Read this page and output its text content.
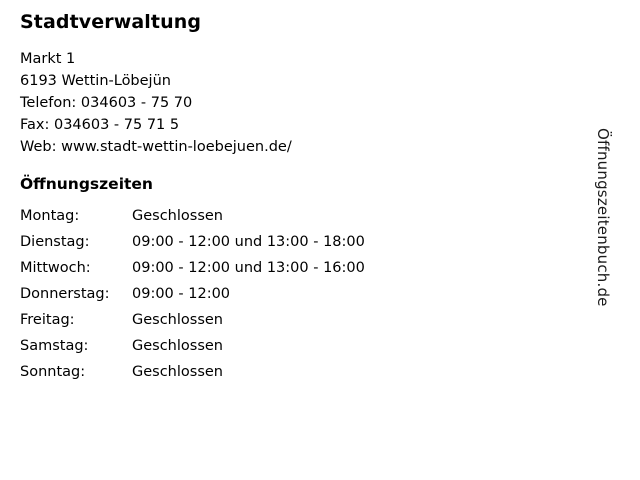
Stadtverwaltung
Markt 1
6193 Wettin-Löbejün
Telefon: 034603 - 75 70
Fax: 034603 - 75 71 5
Web: www.stadt-wettin-loebejuen.de/
Öffnungszeiten
Montag:	Geschlossen
Dienstag:	09:00 - 12:00 und 13:00 - 18:00
Mittwoch:	09:00 - 12:00 und 13:00 - 16:00
Donnerstag:	09:00 - 12:00
Freitag:	Geschlossen
Samstag:	Geschlossen
Sonntag:	Geschlossen
Öffnungszeitenbuch.de
